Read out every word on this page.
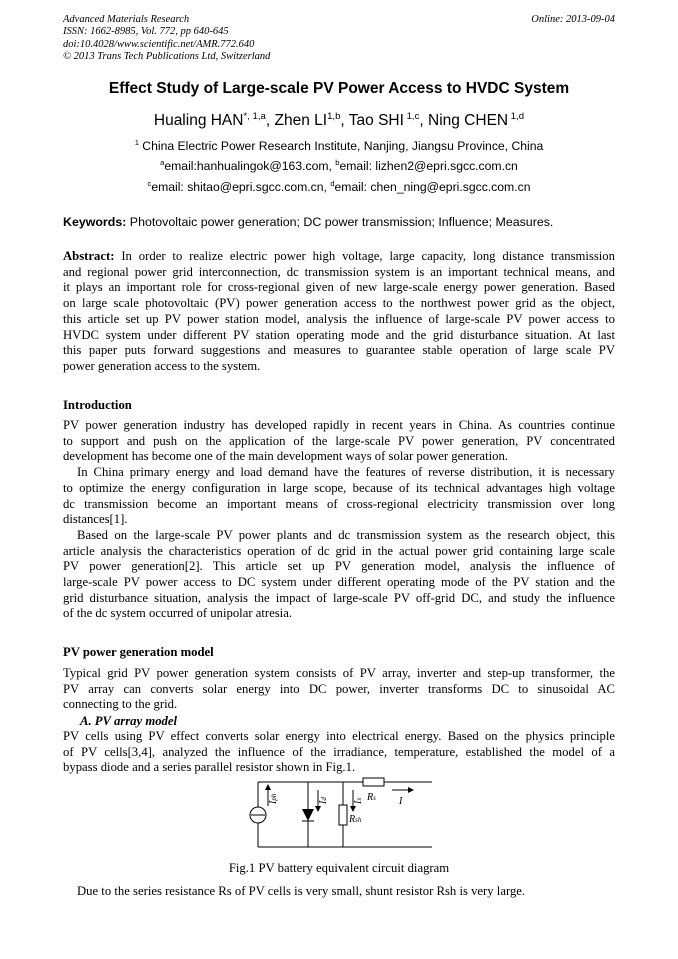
Advanced Materials Research
ISSN: 1662-8985, Vol. 772, pp 640-645
doi:10.4028/www.scientific.net/AMR.772.640
© 2013 Trans Tech Publications Ltd, Switzerland
Online: 2013-09-04
Effect Study of Large-scale PV Power Access to HVDC System
Hualing $HAN^{*, 1,a}$, Zhen LI$^{1,b}$, Tao SHI $^{1,c}$, Ning CHEN $^{1,d}$
$^1$ China Electric Power Research Institute, Nanjing, Jiangsu Province, China
$^a$email:hanhualingok@163.com, $^b$email: lizhen2@epri.sgcc.com.cn
$^c$email: shitao@epri.sgcc.com.cn, $^d$email: chen_ning@epri.sgcc.com.cn
Keywords: Photovoltaic power generation; DC power transmission; Influence; Measures.
Abstract: In order to realize electric power high voltage, large capacity, long distance transmission
and regional power grid interconnection, dc transmission system is an important technical means, and
it plays an important role for cross-regional given of new large-scale energy power generation. Based
on large scale photovoltaic (PV) power generation access to the northwest power grid as the object,
this article set up PV power station model, analysis the influence of large-scale PV power access to
HVDC system under different PV station operating mode and the grid disturbance situation. At last
this paper puts forward suggestions and measures to guarantee stable operation of large scale PV
power generation access to the system.
Introduction
PV power generation industry has developed rapidly in recent years in China. As countries continue
to support and push on the application of the large-scale PV power generation, PV concentrated
development has become one of the main development ways of solar power generation.
In China primary energy and load demand have the features of reverse distribution, it is necessary
to optimize the energy configuration in large scope, because of its technical advantages high voltage
dc transmission become an important means of cross-regional electricity transmission over long
distances[1].
Based on the large-scale PV power plants and dc transmission system as the research object, this
article analysis the characteristics operation of dc grid in the actual power grid containing large scale
PV power generation[2]. This article set up PV generation model, analysis the influence of
large-scale PV power access to DC system under different operating mode of the PV station and the
grid disturbance situation, analysis the impact of large-scale PV off-grid DC, and study the influence
of the dc system occurred of unipolar atresia.
PV power generation model
Typical grid PV power generation system consists of PV array, inverter and step-up transformer, the
PV array can converts solar energy into DC power, inverter transforms DC to sinusoidal AC
connecting to the grid.
A. PV array model
PV cells using PV effect converts solar energy into electrical energy. Based on the physics principle
of PV cells[3,4], analyzed the influence of the irradiance, temperature, established the model of a
bypass diode and a series parallel resistor shown in Fig.1.
Iph
Id
Is Rs
Rsh
I
Fig.1 PV battery equivalent circuit diagram
Due to the series resistance Rs of PV cells is very small, shunt resistor Rsh is very large.
